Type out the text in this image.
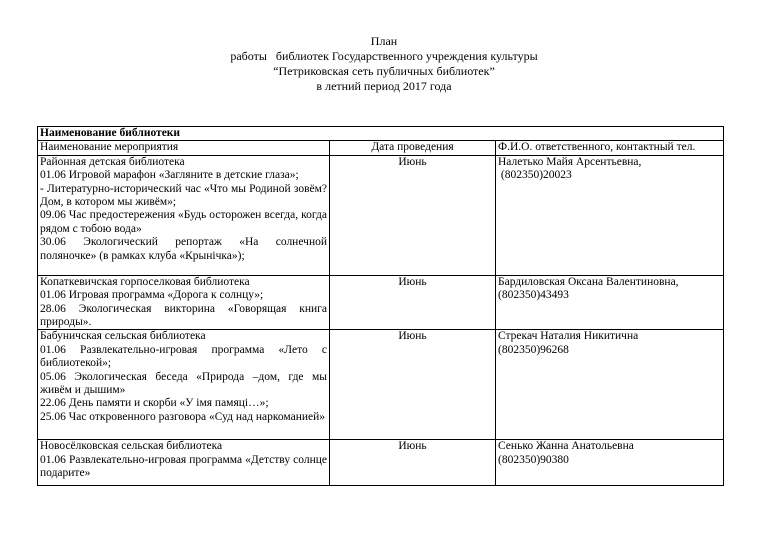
План
работы   библиотек Государственного учреждения культуры
“Петриковская сеть публичных библиотек”
в летний период 2017 года
Наименование библиотеки		
Наименование мероприятия	Дата проведения	Ф.И.О. ответственного, контактный тел.

Районная детская библиотека
01.06 Игровой марафон «Загляните в детские глаза»;
- Литературно-исторический час «Что мы Родиной зовём? Дом, в котором мы живём»;
09.06 Час предостережения «Будь осторожен всегда, когда рядом с тобою вода»
30.06 Экологический репортаж «На солнечной поляночке» (в рамках клуба «Крынічка»);	Июнь	Налетько Майя Арсентьевна,
(802350)20023

Копаткевичская горпоселковая библиотека
01.06 Игровая программа «Дорога к солнцу»;
28.06 Экологическая викторина «Говорящая книга природы».	Июнь	Бардиловская Оксана Валентиновна,
(802350)43493

Бабуничская сельская библиотека
01.06 Развлекательно-игровая программа «Лето с библиотекой»;
05.06 Экологическая беседа «Природа –дом, где мы живём и дышим»
22.06 День памяти и скорби «У імя памяці…»;
25.06 Час откровенного разговора «Суд над наркоманией»	Июнь	Стрекач Наталия Никитична
(802350)96268

Новосёлковская сельская библиотека
01.06 Развлекательно-игровая программа «Детству солнце подарите»	Июнь	Сенько Жанна Анатольевна
(802350)90380
